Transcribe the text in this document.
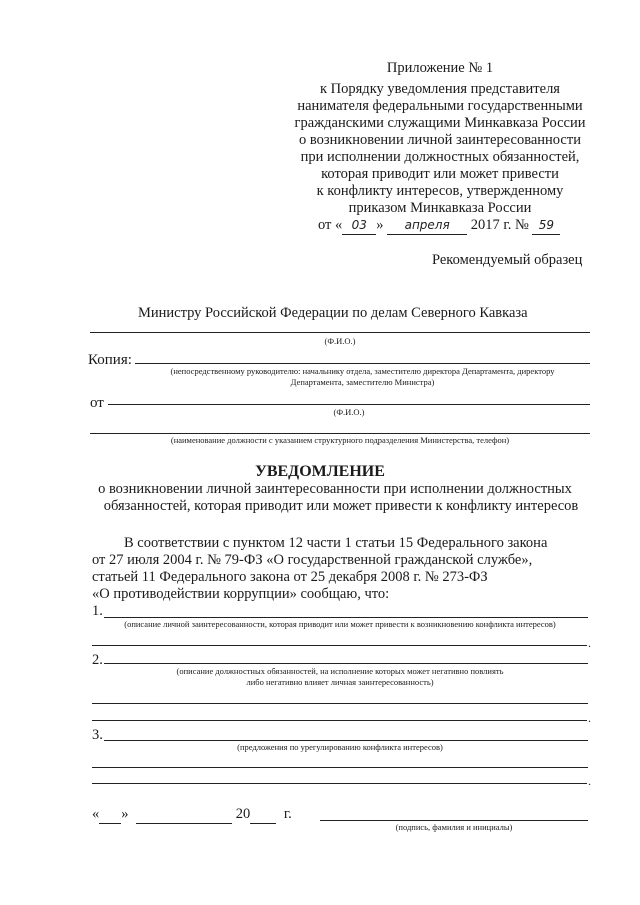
Приложение № 1
к Порядку уведомления представителя
нанимателя федеральными государственными
гражданскими служащими Минкавказа России
о возникновении личной заинтересованности
при исполнении должностных обязанностей,
которая приводит или может привести
к конфликту интересов, утвержденному
приказом Минкавказа России
от « 03 » апреля 2017 г. № 59
Рекомендуемый образец
Министру Российской Федерации по делам Северного Кавказа
(Ф.И.О.)
Копия:
(непосредственному руководителю: начальнику отдела, заместителю директора Департамента, директору
Департамента, заместителю Министра)
от
(Ф.И.О.)
(наименование должности с указанием структурного подразделения Министерства, телефон)
УВЕДОМЛЕНИЕ
о возникновении личной заинтересованности при исполнении должностных
обязанностей, которая приводит или может привести к конфликту интересов
В соответствии с пунктом 12 части 1 статьи 15 Федерального закона
от 27 июля 2004 г. № 79-ФЗ «О государственной гражданской службе»,
статьей 11 Федерального закона от 25 декабря 2008 г. № 273-ФЗ
«О противодействии коррупции» сообщаю, что:
1.
(описание личной заинтересованности, которая приводит или может привести к возникновению конфликта интересов)
.
2.
(описание должностных обязанностей, на исполнение которых может негативно повлиять
либо негативно влияет личная заинтересованность)
.
3.
(предложения по урегулированию конфликта интересов)
.
« »	20 г.
(подпись, фамилия и инициалы)
